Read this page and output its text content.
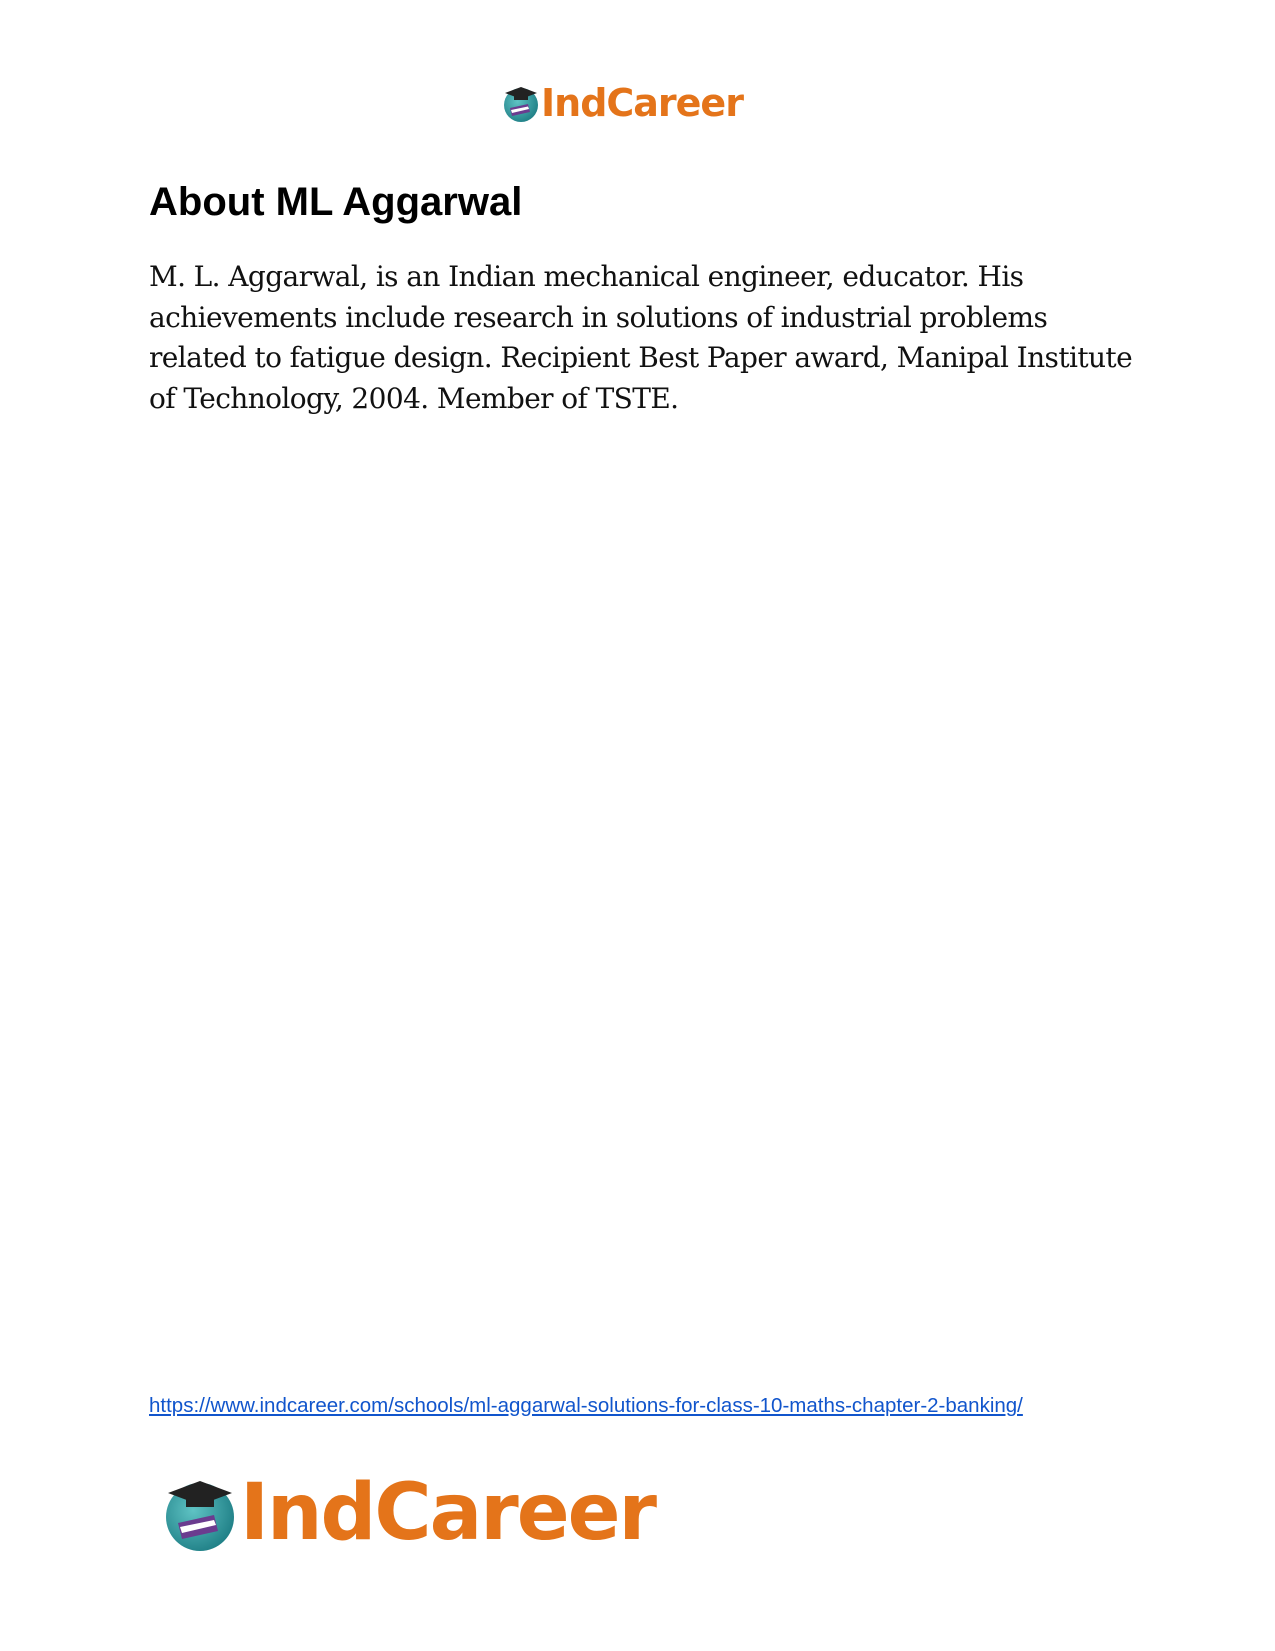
IndCareer
About ML Aggarwal

M. L. Aggarwal, is an Indian mechanical engineer, educator. His achievements include research in solutions of industrial problems related to fatigue design. Recipient Best Paper award, Manipal Institute of Technology, 2004. Member of TSTE.

https://www.indcareer.com/schools/ml-aggarwal-solutions-for-class-10-maths-chapter-2-banking/
IndCareer
